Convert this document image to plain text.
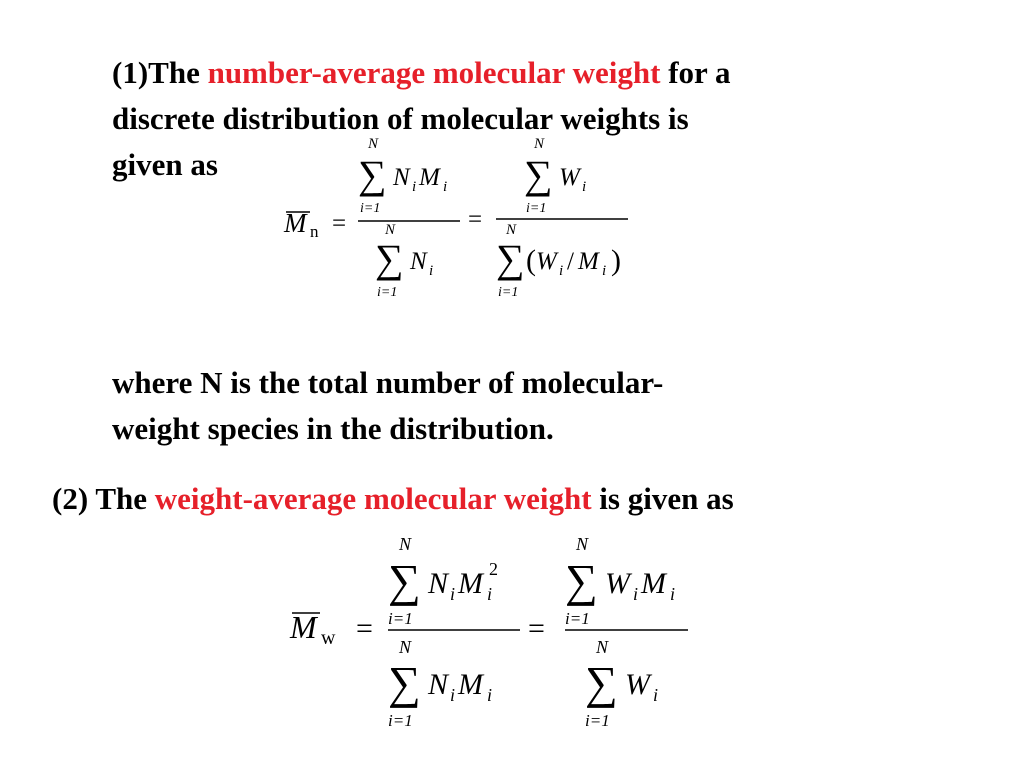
(1)The number-average molecular weight for a
discrete distribution of molecular weights is
given as
M n =
N
∑
i=1
N i M i
N
∑
i=1
N i
=
N
∑
i=1
W i
N
∑
i=1
( W i / M i )
where N is the total number of molecular-
weight species in the distribution.
(2) The weight-average molecular weight is given as
M w =
N
∑
i=1
N i M i
2
N
∑
i=1
N i M i
=
N
∑
i=1
W i M i
N
∑
i=1
W i
